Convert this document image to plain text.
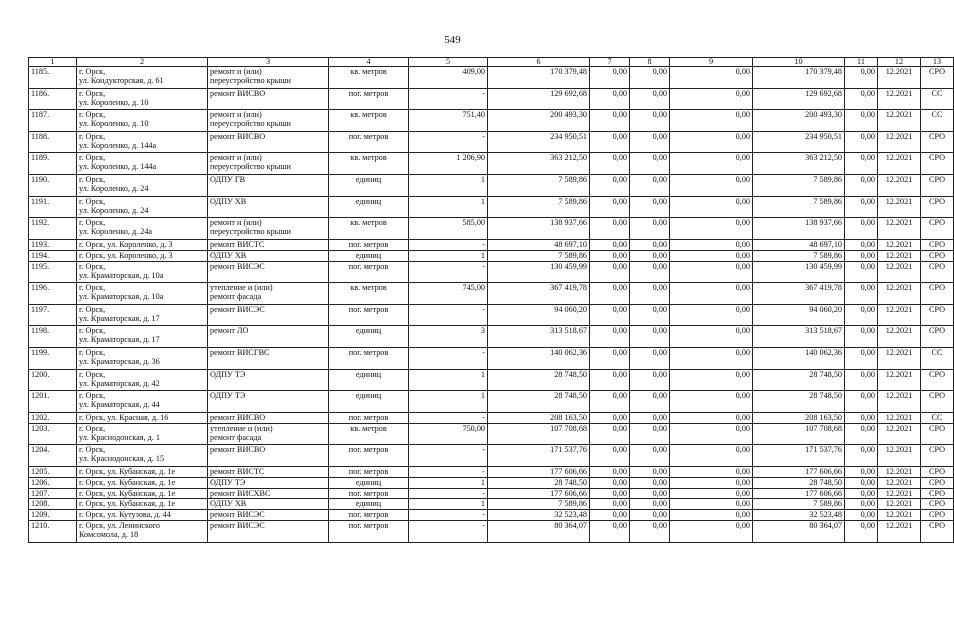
549
1	2	3	4	5	6	7	8	9	10	11	12	13
1185.	г. Орск,
ул. Кондукторская, д. 61	ремонт и (или)
переустройство крыши	кв. метров	409,00	170 379,48	0,00	0,00	0,00	170 379,48	0,00	12.2021	СРО
1186.	г. Орск,
ул. Короленко, д. 10	ремонт ВИСВО	пог. метров	-	129 692,68	0,00	0,00	0,00	129 692,68	0,00	12.2021	СС
1187.	г. Орск,
ул. Короленко, д. 10	ремонт и (или)
переустройство крыши	кв. метров	751,40	200 493,30	0,00	0,00	0,00	200 493,30	0,00	12.2021	СС
1188.	г. Орск,
ул. Короленко, д. 144а	ремонт ВИСВО	пог. метров	-	234 950,51	0,00	0,00	0,00	234 950,51	0,00	12.2021	СРО
1189.	г. Орск,
ул. Короленко, д. 144а	ремонт и (или)
переустройство крыши	кв. метров	1 206,90	363 212,50	0,00	0,00	0,00	363 212,50	0,00	12.2021	СРО
1190.	г. Орск,
ул. Короленко, д. 24	ОДПУ ГВ	единиц	1	7 589,86	0,00	0,00	0,00	7 589,86	0,00	12.2021	СРО
1191.	г. Орск,
ул. Короленко, д. 24	ОДПУ ХВ	единиц	1	7 589,86	0,00	0,00	0,00	7 589,86	0,00	12.2021	СРО
1192.	г. Орск,
ул. Короленко, д. 24а	ремонт и (или)
переустройство крыши	кв. метров	585,00	138 937,66	0,00	0,00	0,00	138 937,66	0,00	12.2021	СРО
1193.	г. Орск, ул. Короленко, д. 3	ремонт ВИСТС	пог. метров	-	48 697,10	0,00	0,00	0,00	48 697,10	0,00	12.2021	СРО
1194.	г. Орск, ул. Короленко, д. 3	ОДПУ ХВ	единиц	1	7 589,86	0,00	0,00	0,00	7 589,86	0,00	12.2021	СРО
1195.	г. Орск,
ул. Краматорская, д. 10а	ремонт ВИСЭС	пог. метров	-	130 459,99	0,00	0,00	0,00	130 459,99	0,00	12.2021	СРО
1196.	г. Орск,
ул. Краматорская, д. 10а	утепление и (или)
ремонт фасада	кв. метров	745,00	367 419,78	0,00	0,00	0,00	367 419,78	0,00	12.2021	СРО
1197.	г. Орск,
ул. Краматорская, д. 17	ремонт ВИСЭС	пог. метров	-	94 060,20	0,00	0,00	0,00	94 060,20	0,00	12.2021	СРО
1198.	г. Орск,
ул. Краматорская, д. 17	ремонт ЛО	единиц	3	313 518,67	0,00	0,00	0,00	313 518,67	0,00	12.2021	СРО
1199.	г. Орск,
ул. Краматорская, д. 36	ремонт ВИСГВС	пог. метров	-	140 062,36	0,00	0,00	0,00	140 062,36	0,00	12.2021	СС
1200.	г. Орск,
ул. Краматорская, д. 42	ОДПУ ТЭ	единиц	1	28 748,50	0,00	0,00	0,00	28 748,50	0,00	12.2021	СРО
1201.	г. Орск,
ул. Краматорская, д. 44	ОДПУ ТЭ	единиц	1	28 748,50	0,00	0,00	0,00	28 748,50	0,00	12.2021	СРО
1202.	г. Орск, ул. Красная, д. 16	ремонт ВИСВО	пог. метров	-	208 163,50	0,00	0,00	0,00	208 163,50	0,00	12.2021	СС
1203.	г. Орск,
ул. Краснодонская, д. 1	утепление и (или)
ремонт фасада	кв. метров	750,00	107 708,68	0,00	0,00	0,00	107 708,68	0,00	12.2021	СРО
1204.	г. Орск,
ул. Краснодонская, д. 15	ремонт ВИСВО	пог. метров	-	171 537,76	0,00	0,00	0,00	171 537,76	0,00	12.2021	СРО
1205.	г. Орск, ул. Кубанская, д. 1е	ремонт ВИСТС	пог. метров	-	177 606,66	0,00	0,00	0,00	177 606,66	0,00	12.2021	СРО
1206.	г. Орск, ул. Кубанская, д. 1е	ОДПУ ТЭ	единиц	1	28 748,50	0,00	0,00	0,00	28 748,50	0,00	12.2021	СРО
1207.	г. Орск, ул. Кубанская, д. 1е	ремонт ВИСХВС	пог. метров	-	177 606,66	0,00	0,00	0,00	177 606,66	0,00	12.2021	СРО
1208.	г. Орск, ул. Кубанская, д. 1е	ОДПУ ХВ	единиц	1	7 589,86	0,00	0,00	0,00	7 589,86	0,00	12.2021	СРО
1209.	г. Орск, ул. Кутузова, д. 44	ремонт ВИСЭС	пог. метров	-	32 523,48	0,00	0,00	0,00	32 523,48	0,00	12.2021	СРО
1210.	г. Орск, ул. Ленинского
Комсомола, д. 18	ремонт ВИСЭС	пог. метров	-	80 364,07	0,00	0,00	0,00	80 364,07	0,00	12.2021	СРО
